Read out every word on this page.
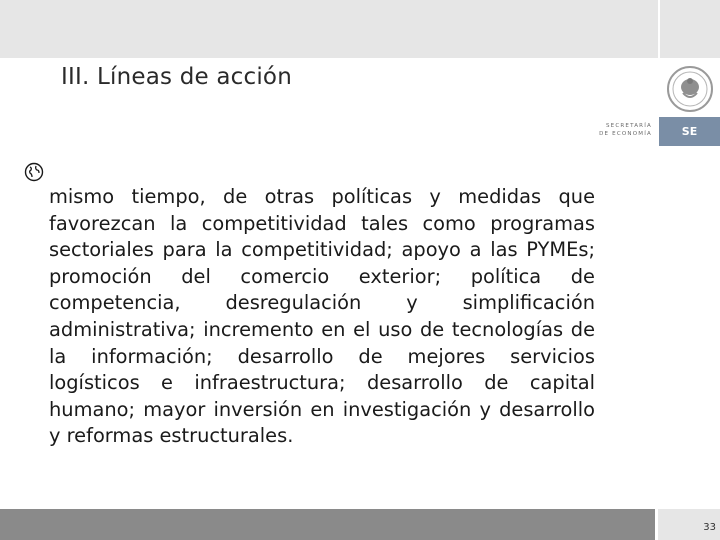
III. Líneas de acción
SECRETARÍA
DE ECONOMÍA	SE

mismo tiempo, de otras políticas y medidas que favorezcan la competitividad tales como programas sectoriales para la competitividad; apoyo a las PYMEs; promoción del comercio exterior; política de competencia, desregulación y simplificación administrativa; incremento en el uso de tecnologías de la información; desarrollo de mejores servicios logísticos e infraestructura; desarrollo de capital humano; mayor inversión en investigación y desarrollo y reformas estructurales.

33
